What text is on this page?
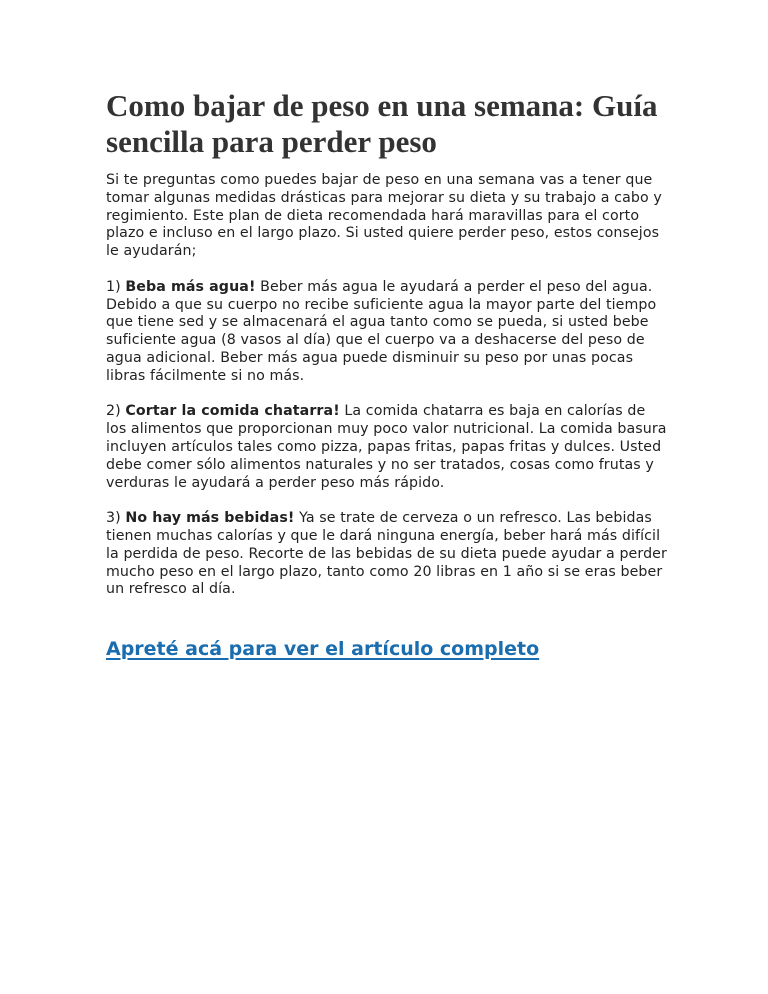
Como bajar de peso en una semana: Guía sencilla para perder peso

Si te preguntas como puedes bajar de peso en una semana vas a tener que tomar algunas medidas drásticas para mejorar su dieta y su trabajo a cabo y regimiento. Este plan de dieta recomendada hará maravillas para el corto plazo e incluso en el largo plazo. Si usted quiere perder peso, estos consejos le ayudarán;

1) Beba más agua! Beber más agua le ayudará a perder el peso del agua. Debido a que su cuerpo no recibe suficiente agua la mayor parte del tiempo que tiene sed y se almacenará el agua tanto como se pueda, si usted bebe suficiente agua (8 vasos al día) que el cuerpo va a deshacerse del peso de agua adicional. Beber más agua puede disminuir su peso por unas pocas libras fácilmente si no más.

2) Cortar la comida chatarra! La comida chatarra es baja en calorías de los alimentos que proporcionan muy poco valor nutricional. La comida basura incluyen artículos tales como pizza, papas fritas, papas fritas y dulces. Usted debe comer sólo alimentos naturales y no ser tratados, cosas como frutas y verduras le ayudará a perder peso más rápido.

3) No hay más bebidas! Ya se trate de cerveza o un refresco. Las bebidas tienen muchas calorías y que le dará ninguna energía, beber hará más difícil la perdida de peso. Recorte de las bebidas de su dieta puede ayudar a perder mucho peso en el largo plazo, tanto como 20 libras en 1 año si se eras beber un refresco al día.

Apreté acá para ver el artículo completo
